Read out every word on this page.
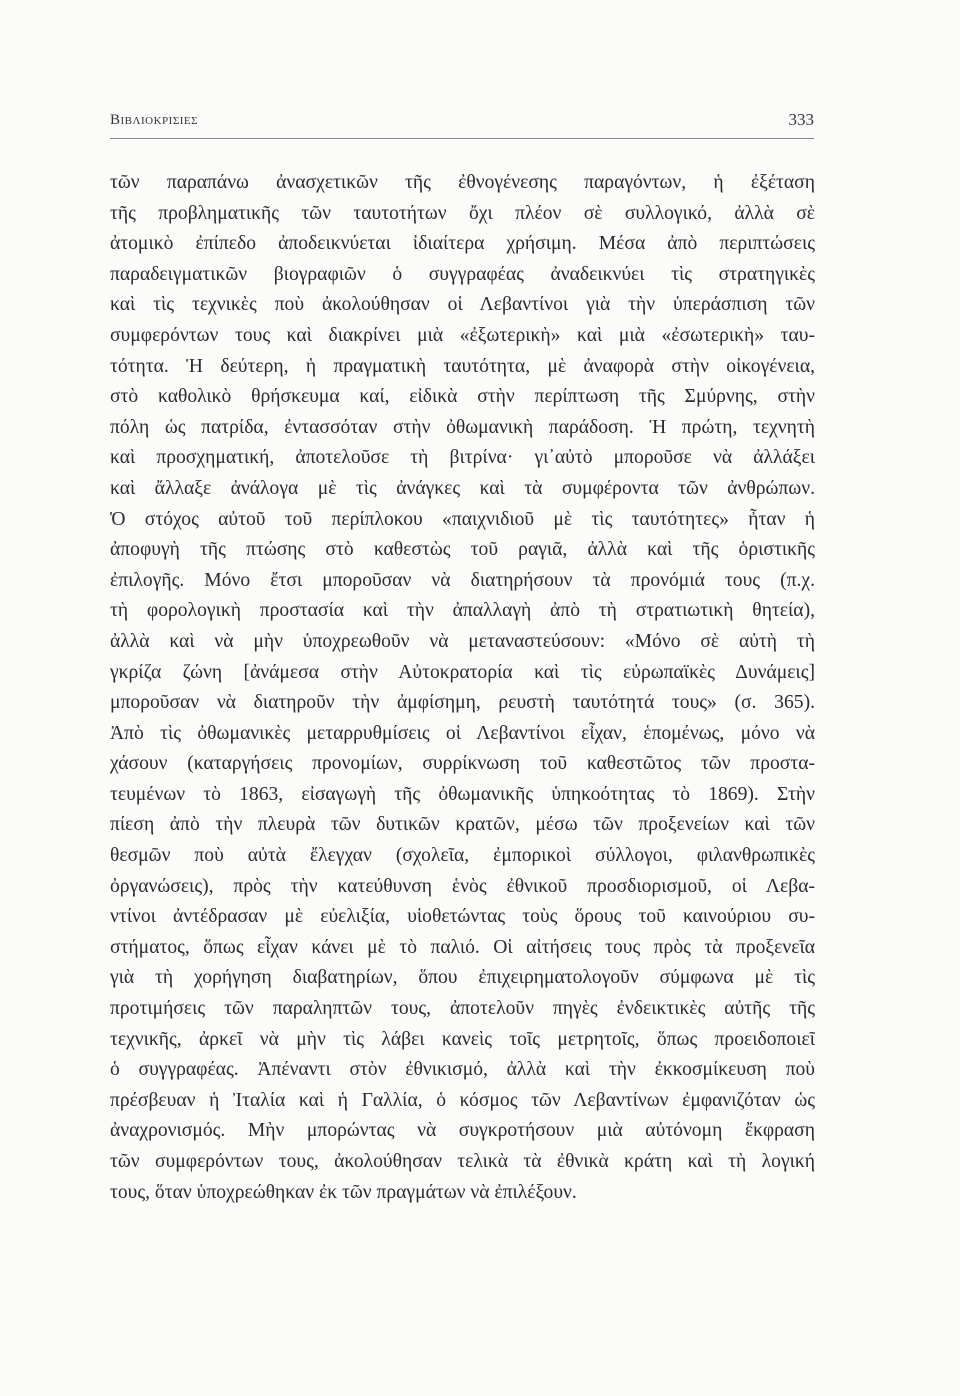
Βιβλιοκρισιες	333
τῶν παραπάνω ἀνασχετικῶν τῆς ἐθνογένεσης παραγόντων, ἡ ἐξέταση
τῆς προβληματικῆς τῶν ταυτοτήτων ὄχι πλέον σὲ συλλογικό, ἀλλὰ σὲ
ἀτομικὸ ἐπίπεδο ἀποδεικνύεται ἰδιαίτερα χρήσιμη. Μέσα ἀπὸ περιπτώσεις
παραδειγματικῶν βιογραφιῶν ὁ συγγραφέας ἀναδεικνύει τὶς στρατηγικὲς
καὶ τὶς τεχνικὲς ποὺ ἀκολούθησαν οἱ Λεβαντίνοι γιὰ τὴν ὑπεράσπιση τῶν
συμφερόντων τους καὶ διακρίνει μιὰ «ἐξωτερικὴ» καὶ μιὰ «ἐσωτερικὴ» ταυ-
τότητα. Ἡ δεύτερη, ἡ πραγματικὴ ταυτότητα, μὲ ἀναφορὰ στὴν οἰκογένεια,
στὸ καθολικὸ θρήσκευμα καί, εἰδικὰ στὴν περίπτωση τῆς Σμύρνης, στὴν
πόλη ὡς πατρίδα, ἐντασσόταν στὴν ὀθωμανικὴ παράδοση. Ἡ πρώτη, τεχνητὴ
καὶ προσχηματική, ἀποτελοῦσε τὴ βιτρίνα· γι᾽αὐτὸ μποροῦσε νὰ ἀλλάξει
καὶ ἄλλαξε ἀνάλογα μὲ τὶς ἀνάγκες καὶ τὰ συμφέροντα τῶν ἀνθρώπων.
Ὁ στόχος αὐτοῦ τοῦ περίπλοκου «παιχνιδιοῦ μὲ τὶς ταυτότητες» ἦταν ἡ
ἀποφυγὴ τῆς πτώσης στὸ καθεστὼς τοῦ ραγιᾶ, ἀλλὰ καὶ τῆς ὁριστικῆς
ἐπιλογῆς. Μόνο ἔτσι μποροῦσαν νὰ διατηρήσουν τὰ προνόμιά τους (π.χ.
τὴ φορολογικὴ προστασία καὶ τὴν ἀπαλλαγὴ ἀπὸ τὴ στρατιωτικὴ θητεία),
ἀλλὰ καὶ νὰ μὴν ὑποχρεωθοῦν νὰ μεταναστεύσουν: «Μόνο σὲ αὐτὴ τὴ
γκρίζα ζώνη [ἀνάμεσα στὴν Αὐτοκρατορία καὶ τὶς εὐρωπαϊκὲς Δυνάμεις]
μποροῦσαν νὰ διατηροῦν τὴν ἀμφίσημη, ρευστὴ ταυτότητά τους» (σ. 365).
Ἀπὸ τὶς ὀθωμανικὲς μεταρρυθμίσεις οἱ Λεβαντίνοι εἶχαν, ἑπομένως, μόνο νὰ
χάσουν (καταργήσεις προνομίων, συρρίκνωση τοῦ καθεστῶτος τῶν προστα-
τευμένων τὸ 1863, εἰσαγωγὴ τῆς ὀθωμανικῆς ὑπηκοότητας τὸ 1869). Στὴν
πίεση ἀπὸ τὴν πλευρὰ τῶν δυτικῶν κρατῶν, μέσω τῶν προξενείων καὶ τῶν
θεσμῶν ποὺ αὐτὰ ἔλεγχαν (σχολεῖα, ἐμπορικοὶ σύλλογοι, φιλανθρωπικὲς
ὀργανώσεις), πρὸς τὴν κατεύθυνση ἑνὸς ἐθνικοῦ προσδιορισμοῦ, οἱ Λεβα-
ντίνοι ἀντέδρασαν μὲ εὐελιξία, υἱοθετώντας τοὺς ὅρους τοῦ καινούριου συ-
στήματος, ὅπως εἶχαν κάνει μὲ τὸ παλιό. Οἱ αἰτήσεις τους πρὸς τὰ προξενεῖα
γιὰ τὴ χορήγηση διαβατηρίων, ὅπου ἐπιχειρηματολογοῦν σύμφωνα μὲ τὶς
προτιμήσεις τῶν παραληπτῶν τους, ἀποτελοῦν πηγὲς ἐνδεικτικὲς αὐτῆς τῆς
τεχνικῆς, ἀρκεῖ νὰ μὴν τὶς λάβει κανεὶς τοῖς μετρητοῖς, ὅπως προειδοποιεῖ
ὁ συγγραφέας. Ἀπέναντι στὸν ἐθνικισμό, ἀλλὰ καὶ τὴν ἐκκοσμίκευση ποὺ
πρέσβευαν ἡ Ἰταλία καὶ ἡ Γαλλία, ὁ κόσμος τῶν Λεβαντίνων ἐμφανιζόταν ὡς
ἀναχρονισμός. Μὴν μπορώντας νὰ συγκροτήσουν μιὰ αὐτόνομη ἔκφραση
τῶν συμφερόντων τους, ἀκολούθησαν τελικὰ τὰ ἐθνικὰ κράτη καὶ τὴ λογική
τους, ὅταν ὑποχρεώθηκαν ἐκ τῶν πραγμάτων νὰ ἐπιλέξουν.
